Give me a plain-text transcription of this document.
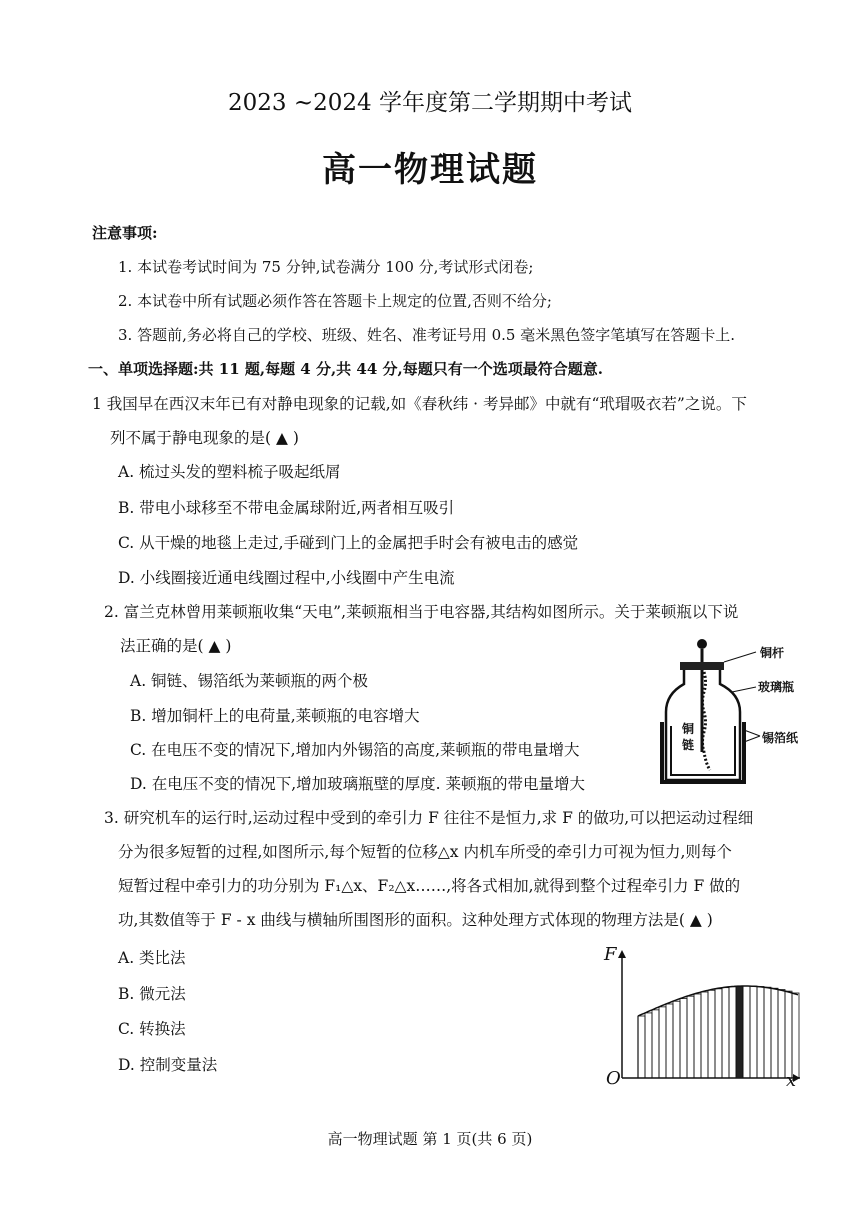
2023 ~2024 学年度第二学期期中考试
高一物理试题
注意事项:
1. 本试卷考试时间为 75 分钟,试卷满分 100 分,考试形式闭卷;
2. 本试卷中所有试题必须作答在答题卡上规定的位置,否则不给分;
3. 答题前,务必将自己的学校、班级、姓名、准考证号用 0.5 毫米黑色签字笔填写在答题卡上.
一、单项选择题:共 11 题,每题 4 分,共 44 分,每题只有一个选项最符合题意.
1 我国早在西汉末年已有对静电现象的记载,如《春秋纬 · 考异邮》中就有“玳瑁吸衣若”之说。下
列不属于静电现象的是( ▲ )
A. 梳过头发的塑料梳子吸起纸屑
B. 带电小球移至不带电金属球附近,两者相互吸引
C. 从干燥的地毯上走过,手碰到门上的金属把手时会有被电击的感觉
D. 小线圈接近通电线圈过程中,小线圈中产生电流
2. 富兰克林曾用莱顿瓶收集“天电”,莱顿瓶相当于电容器,其结构如图所示。关于莱顿瓶以下说
法正确的是( ▲ )
A. 铜链、锡箔纸为莱顿瓶的两个极
B. 增加铜杆上的电荷量,莱顿瓶的电容增大
C. 在电压不变的情况下,增加内外锡箔的高度,莱顿瓶的带电量增大
D. 在电压不变的情况下,增加玻璃瓶壁的厚度. 莱顿瓶的带电量增大
铜杆
玻璃瓶
锡箔纸
铜
链
3. 研究机车的运行时,运动过程中受到的牵引力 F 往往不是恒力,求 F 的做功,可以把运动过程细
分为很多短暂的过程,如图所示,每个短暂的位移△x 内机车所受的牵引力可视为恒力,则每个
短暂过程中牵引力的功分别为 F₁△x、F₂△x……,将各式相加,就得到整个过程牵引力 F 做的
功,其数值等于 F - x 曲线与横轴所围图形的面积。这种处理方式体现的物理方法是( ▲ )
A. 类比法
B. 微元法
C. 转换法
D. 控制变量法
F
x
O
高一物理试题 第 1 页(共 6 页)
